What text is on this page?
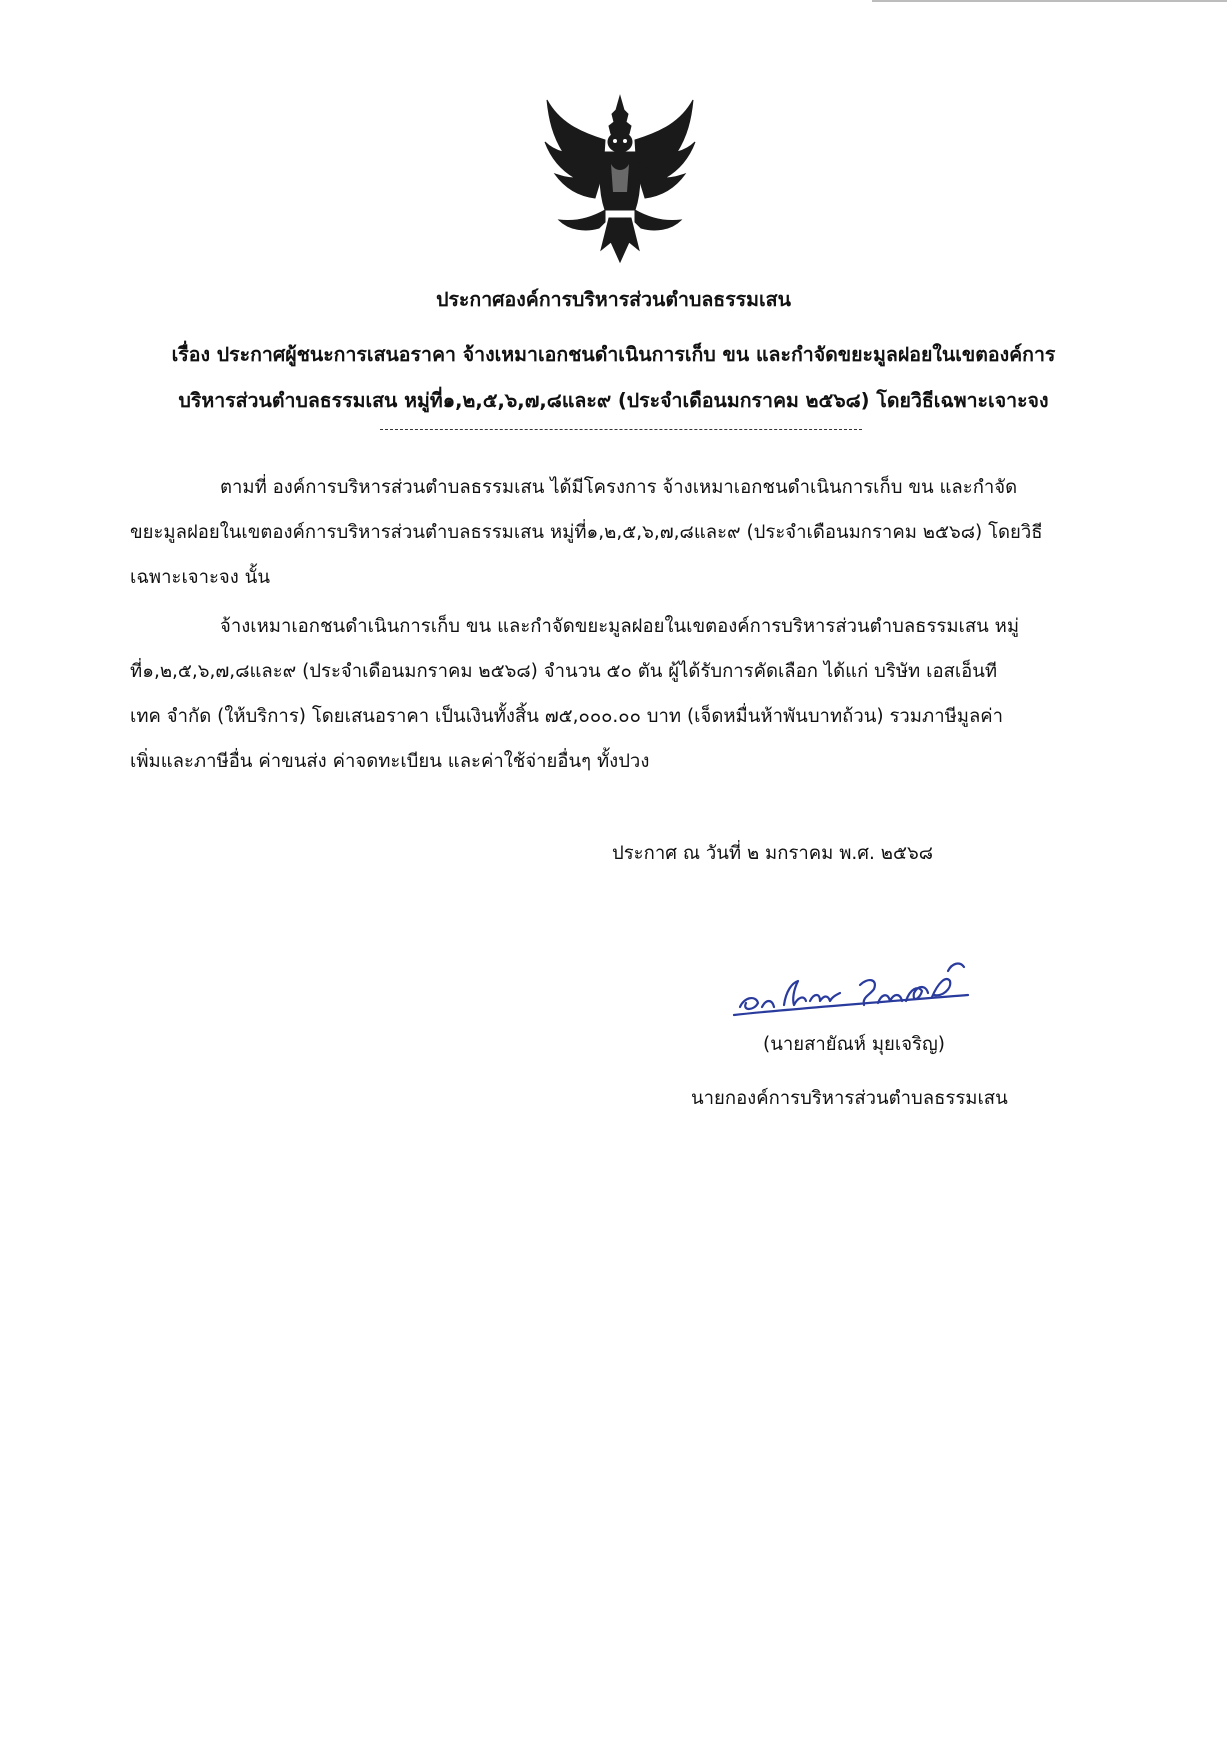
ประกาศองค์การบริหารส่วนตำบลธรรมเสน
เรื่อง ประกาศผู้ชนะการเสนอราคา จ้างเหมาเอกชนดำเนินการเก็บ ขน และกำจัดขยะมูลฝอยในเขตองค์การ
บริหารส่วนตำบลธรรมเสน หมู่ที่๑,๒,๕,๖,๗,๘และ๙ (ประจำเดือนมกราคม ๒๕๖๘) โดยวิธีเฉพาะเจาะจง
ตามที่ องค์การบริหารส่วนตำบลธรรมเสน ได้มีโครงการ จ้างเหมาเอกชนดำเนินการเก็บ ขน และกำจัด
ขยะมูลฝอยในเขตองค์การบริหารส่วนตำบลธรรมเสน หมู่ที่๑,๒,๕,๖,๗,๘และ๙ (ประจำเดือนมกราคม ๒๕๖๘) โดยวิธี
เฉพาะเจาะจง นั้น
จ้างเหมาเอกชนดำเนินการเก็บ ขน และกำจัดขยะมูลฝอยในเขตองค์การบริหารส่วนตำบลธรรมเสน หมู่
ที่๑,๒,๕,๖,๗,๘และ๙ (ประจำเดือนมกราคม ๒๕๖๘) จำนวน ๕๐ ตัน ผู้ได้รับการคัดเลือก ได้แก่ บริษัท เอสเอ็นที
เทค จำกัด (ให้บริการ) โดยเสนอราคา เป็นเงินทั้งสิ้น ๗๕,๐๐๐.๐๐ บาท (เจ็ดหมื่นห้าพันบาทถ้วน) รวมภาษีมูลค่า
เพิ่มและภาษีอื่น ค่าขนส่ง ค่าจดทะเบียน และค่าใช้จ่ายอื่นๆ ทั้งปวง
ประกาศ ณ วันที่ ๒ มกราคม พ.ศ. ๒๕๖๘
(นายสายัณห์ มุยเจริญ)
นายกองค์การบริหารส่วนตำบลธรรมเสน
